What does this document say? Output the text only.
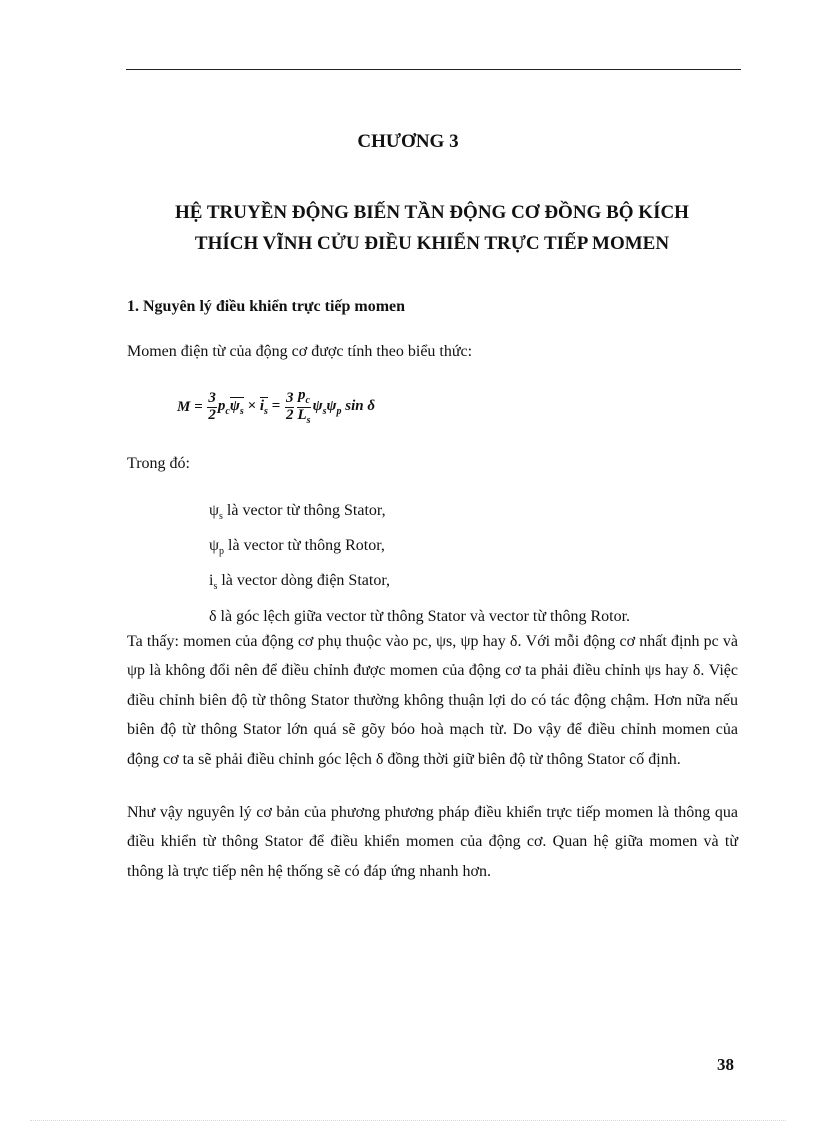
CHƯƠNG 3
HỆ TRUYỀN ĐỘNG BIẾN TẦN ĐỘNG CƠ ĐỒNG BỘ KÍCH
THÍCH VĨNH CỬU ĐIỀU KHIỂN TRỰC TIẾP MOMEN
1. Nguyên lý điều khiển trực tiếp momen
Momen điện từ của động cơ được tính theo biểu thức:
$M = \frac{3}{2} p_c\psi_s \times i_s = \frac{3}{2} \frac{p_c}{L_s} \psi_s\psi_p$ sin δ
Trong đó:
$\psi_s$ là vector từ thông Stator,
$\psi_p$ là vector từ thông Rotor,
$i_s$ là vector dòng điện Stator,
δ là góc lệch giữa vector từ thông Stator và vector từ thông Rotor.
Ta thấy: momen của động cơ phụ thuộc vào pc, ψs, ψp hay δ. Với mỗi động cơ nhất định pc và ψp là không đổi nên để điều chỉnh được momen của động cơ ta phải điều chỉnh ψs hay δ. Việc điều chỉnh biên độ từ thông Stator thường không thuận lợi do có tác động chậm. Hơn nữa nếu biên độ từ thông Stator lớn quá sẽ gõy bóo hoà mạch từ. Do vậy để điều chỉnh momen của động cơ ta sẽ phải điều chỉnh góc lệch δ đồng thời giữ biên độ từ thông Stator cố định.
Như vậy nguyên lý cơ bản của phương phương pháp điều khiển trực tiếp momen là thông qua điều khiển từ thông Stator để điều khiển momen của động cơ. Quan hệ giữa momen và từ thông là trực tiếp nên hệ thống sẽ có đáp ứng nhanh hơn.
38
